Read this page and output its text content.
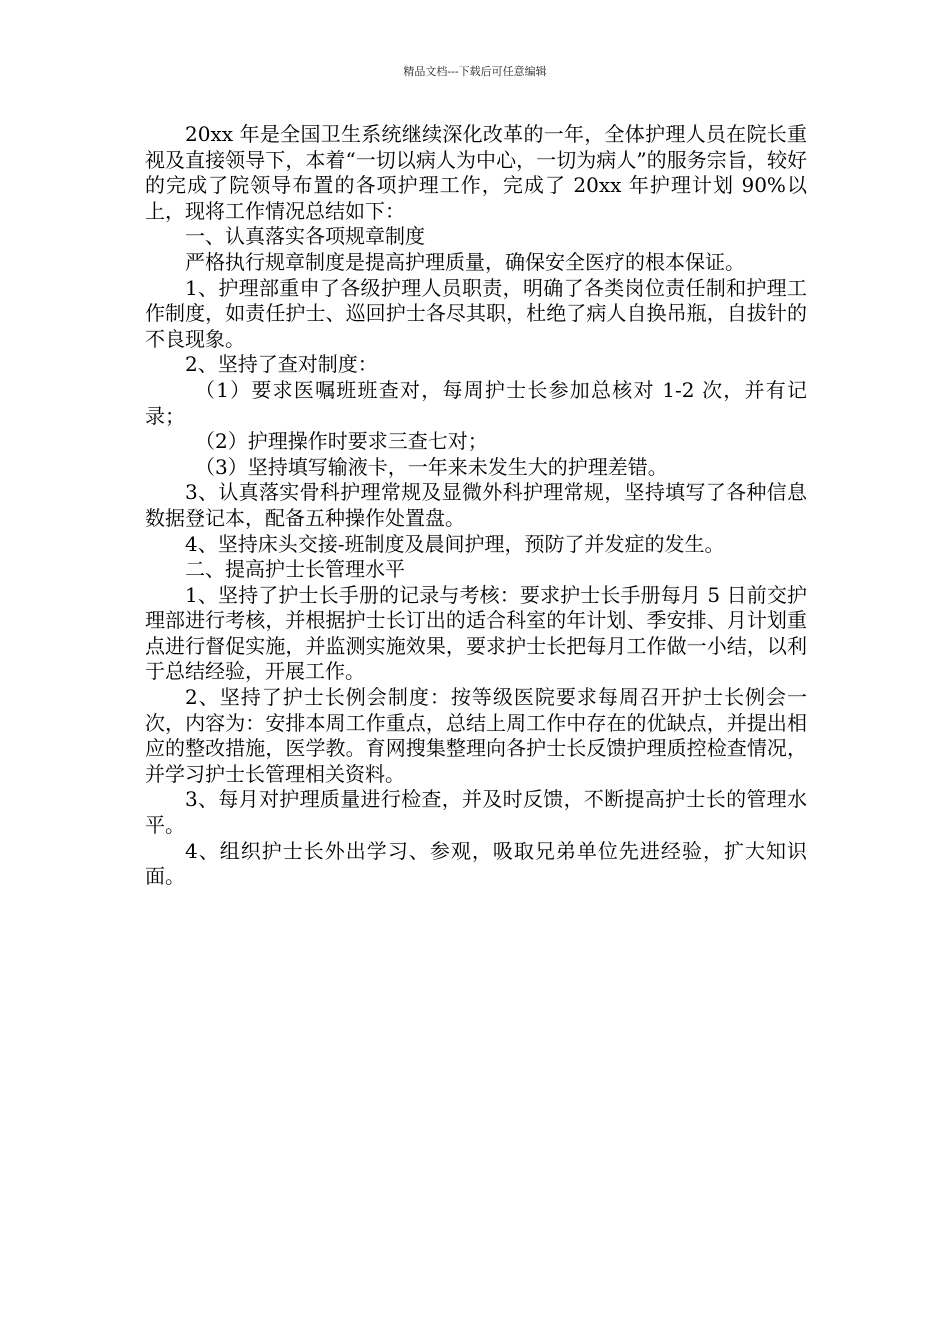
精品文档---下载后可任意编辑

20xx 年是全国卫生系统继续深化改革的一年，全体护理人员在院长重视及直接领导下，本着“一切以病人为中心，一切为病人”的服务宗旨，较好的完成了院领导布置的各项护理工作，完成了 20xx 年护理计划 90%以上，现将工作情况总结如下：

一、认真落实各项规章制度

严格执行规章制度是提高护理质量，确保安全医疗的根本保证。

1、护理部重申了各级护理人员职责，明确了各类岗位责任制和护理工作制度，如责任护士、巡回护士各尽其职，杜绝了病人自换吊瓶，自拔针的不良现象。

2、坚持了查对制度：

（1）要求医嘱班班查对，每周护士长参加总核对 1-2 次，并有记录；

（2）护理操作时要求三查七对；

（3）坚持填写输液卡，一年来未发生大的护理差错。

3、认真落实骨科护理常规及显微外科护理常规，坚持填写了各种信息数据登记本，配备五种操作处置盘。

4、坚持床头交接-班制度及晨间护理，预防了并发症的发生。

二、提高护士长管理水平

1、坚持了护士长手册的记录与考核：要求护士长手册每月 5 日前交护理部进行考核，并根据护士长订出的适合科室的年计划、季安排、月计划重点进行督促实施，并监测实施效果，要求护士长把每月工作做一小结，以利于总结经验，开展工作。

2、坚持了护士长例会制度：按等级医院要求每周召开护士长例会一次，内容为：安排本周工作重点，总结上周工作中存在的优缺点，并提出相应的整改措施，医学教。育网搜集整理向各护士长反馈护理质控检查情况，并学习护士长管理相关资料。

3、每月对护理质量进行检查，并及时反馈，不断提高护士长的管理水平。

4、组织护士长外出学习、参观，吸取兄弟单位先进经验，扩大知识面。
